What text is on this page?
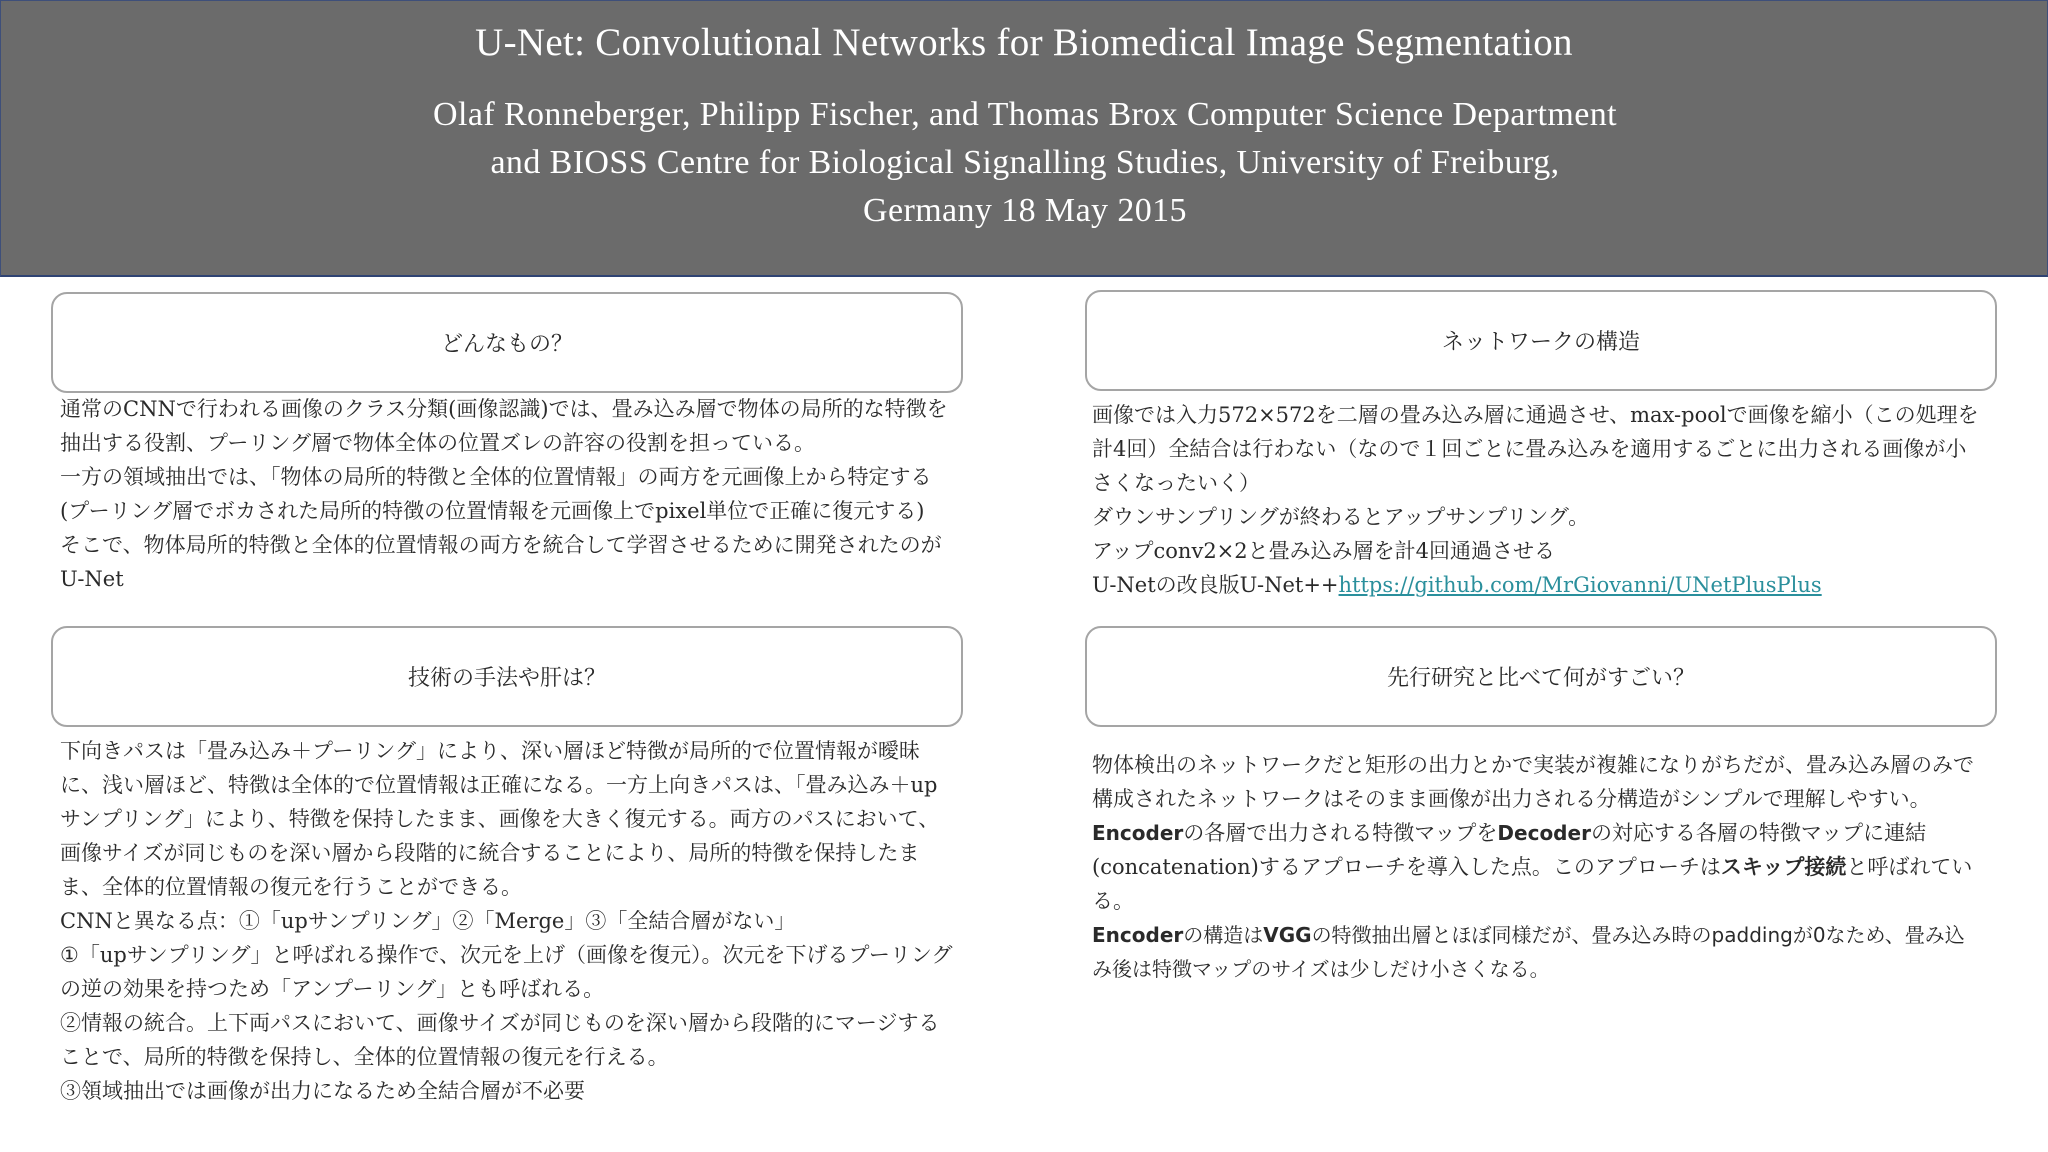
U-Net: Convolutional Networks for Biomedical Image Segmentation
Olaf Ronneberger, Philipp Fischer, and Thomas Brox Computer Science Department and BIOSS Centre for Biological Signalling Studies, University of Freiburg, Germany 18 May 2015
どんなもの？

通常のCNNで行われる画像のクラス分類(画像認識)では、畳み込み層で物体の局所的な特徴を抽出する役割、プーリング層で物体全体の位置ズレの許容の役割を担っている。

一方の領域抽出では、「物体の局所的特徴と全体的位置情報」の両方を元画像上から特定する(プーリング層でボカされた局所的特徴の位置情報を元画像上でpixel単位で正確に復元する)

そこで、物体局所的特徴と全体的位置情報の両方を統合して学習させるために開発されたのがU-Net

ネットワークの構造

画像では入力572×572を二層の畳み込み層に通過させ、max-poolで画像を縮小（この処理を計4回）全結合は行わない（なので１回ごとに畳み込みを適用するごとに出力される画像が小さくなったいく）

ダウンサンプリングが終わるとアップサンプリング。

アップconv2×2と畳み込み層を計4回通過させる

U-Netの改良版U-Net++https://github.com/MrGiovanni/UNetPlusPlus

技術の手法や肝は？

下向きパスは「畳み込み＋プーリング」により、深い層ほど特徴が局所的で位置情報が曖昧に、浅い層ほど、特徴は全体的で位置情報は正確になる。一方上向きパスは、「畳み込み＋upサンプリング」により、特徴を保持したまま、画像を大きく復元する。両方のパスにおいて、画像サイズが同じものを深い層から段階的に統合することにより、局所的特徴を保持したまま、全体的位置情報の復元を行うことができる。

CNNと異なる点：①「upサンプリング」②「Merge」③「全結合層がない」

①「upサンプリング」と呼ばれる操作で、次元を上げ（画像を復元）。次元を下げるプーリングの逆の効果を持つため「アンプーリング」とも呼ばれる。

②情報の統合。上下両パスにおいて、画像サイズが同じものを深い層から段階的にマージすることで、局所的特徴を保持し、全体的位置情報の復元を行える。

③領域抽出では画像が出力になるため全結合層が不必要

先行研究と比べて何がすごい？

物体検出のネットワークだと矩形の出力とかで実装が複雑になりがちだが、畳み込み層のみで構成されたネットワークはそのまま画像が出力される分構造がシンプルで理解しやすい。

Encoderの各層で出力される特徴マップをDecoderの対応する各層の特徴マップに連結(concatenation)するアプローチを導入した点。このアプローチはスキップ接続と呼ばれている。

Encoderの構造はVGGの特徴抽出層とほぼ同様だが、畳み込み時のpaddingが0なため、畳み込み後は特徴マップのサイズは少しだけ小さくなる。
